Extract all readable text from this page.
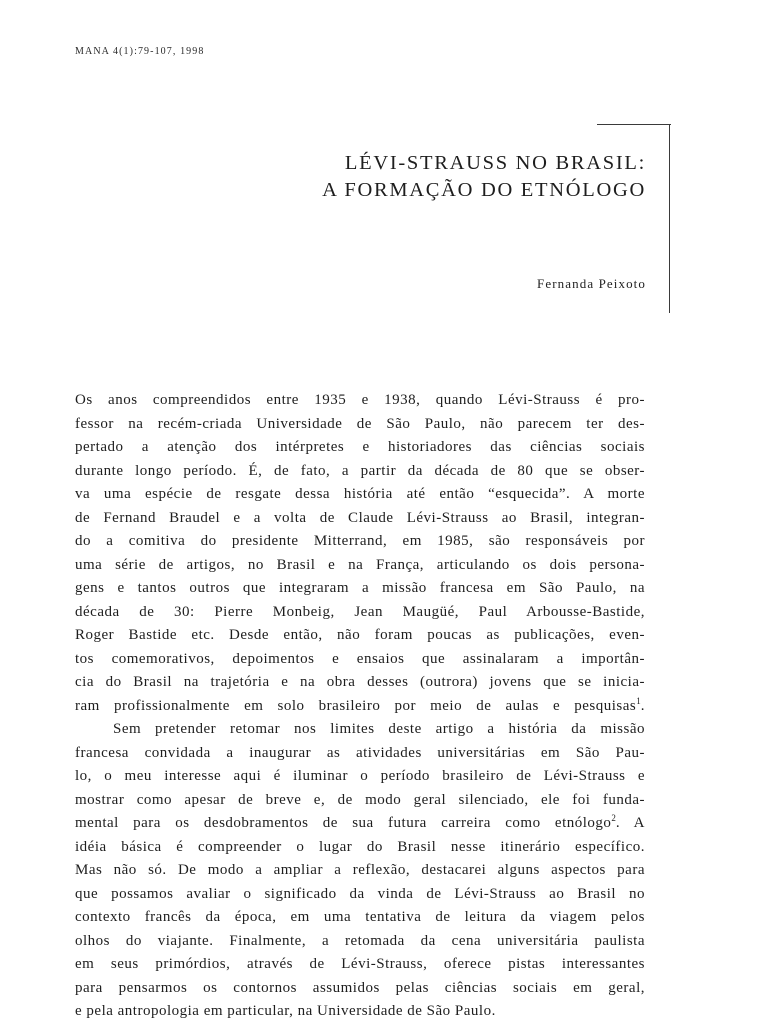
MANA 4(1):79-107, 1998
LÉVI-STRAUSS NO BRASIL:
A FORMAÇÃO DO ETNÓLOGO
Fernanda Peixoto
Os anos compreendidos entre 1935 e 1938, quando Lévi-Strauss é pro-
fessor na recém-criada Universidade de São Paulo, não parecem ter des-
pertado a atenção dos intérpretes e historiadores das ciências sociais
durante longo período. É, de fato, a partir da década de 80 que se obser-
va uma espécie de resgate dessa história até então “esquecida”. A morte
de Fernand Braudel e a volta de Claude Lévi-Strauss ao Brasil, integran-
do a comitiva do presidente Mitterrand, em 1985, são responsáveis por
uma série de artigos, no Brasil e na França, articulando os dois persona-
gens e tantos outros que integraram a missão francesa em São Paulo, na
década de 30: Pierre Monbeig, Jean Maugüé, Paul Arbousse-Bastide,
Roger Bastide etc. Desde então, não foram poucas as publicações, even-
tos comemorativos, depoimentos e ensaios que assinalaram a importân-
cia do Brasil na trajetória e na obra desses (outrora) jovens que se inicia-
ram profissionalmente em solo brasileiro por meio de aulas e pesquisas$^1$.
Sem pretender retomar nos limites deste artigo a história da missão
francesa convidada a inaugurar as atividades universitárias em São Pau-
lo, o meu interesse aqui é iluminar o período brasileiro de Lévi-Strauss e
mostrar como apesar de breve e, de modo geral silenciado, ele foi funda-
mental para os desdobramentos de sua futura carreira como etnólogo$^2$. A
idéia básica é compreender o lugar do Brasil nesse itinerário específico.
Mas não só. De modo a ampliar a reflexão, destacarei alguns aspectos para
que possamos avaliar o significado da vinda de Lévi-Strauss ao Brasil no
contexto francês da época, em uma tentativa de leitura da viagem pelos
olhos do viajante. Finalmente, a retomada da cena universitária paulista
em seus primórdios, através de Lévi-Strauss, oferece pistas interessantes
para pensarmos os contornos assumidos pelas ciências sociais em geral,
e pela antropologia em particular, na Universidade de São Paulo.
